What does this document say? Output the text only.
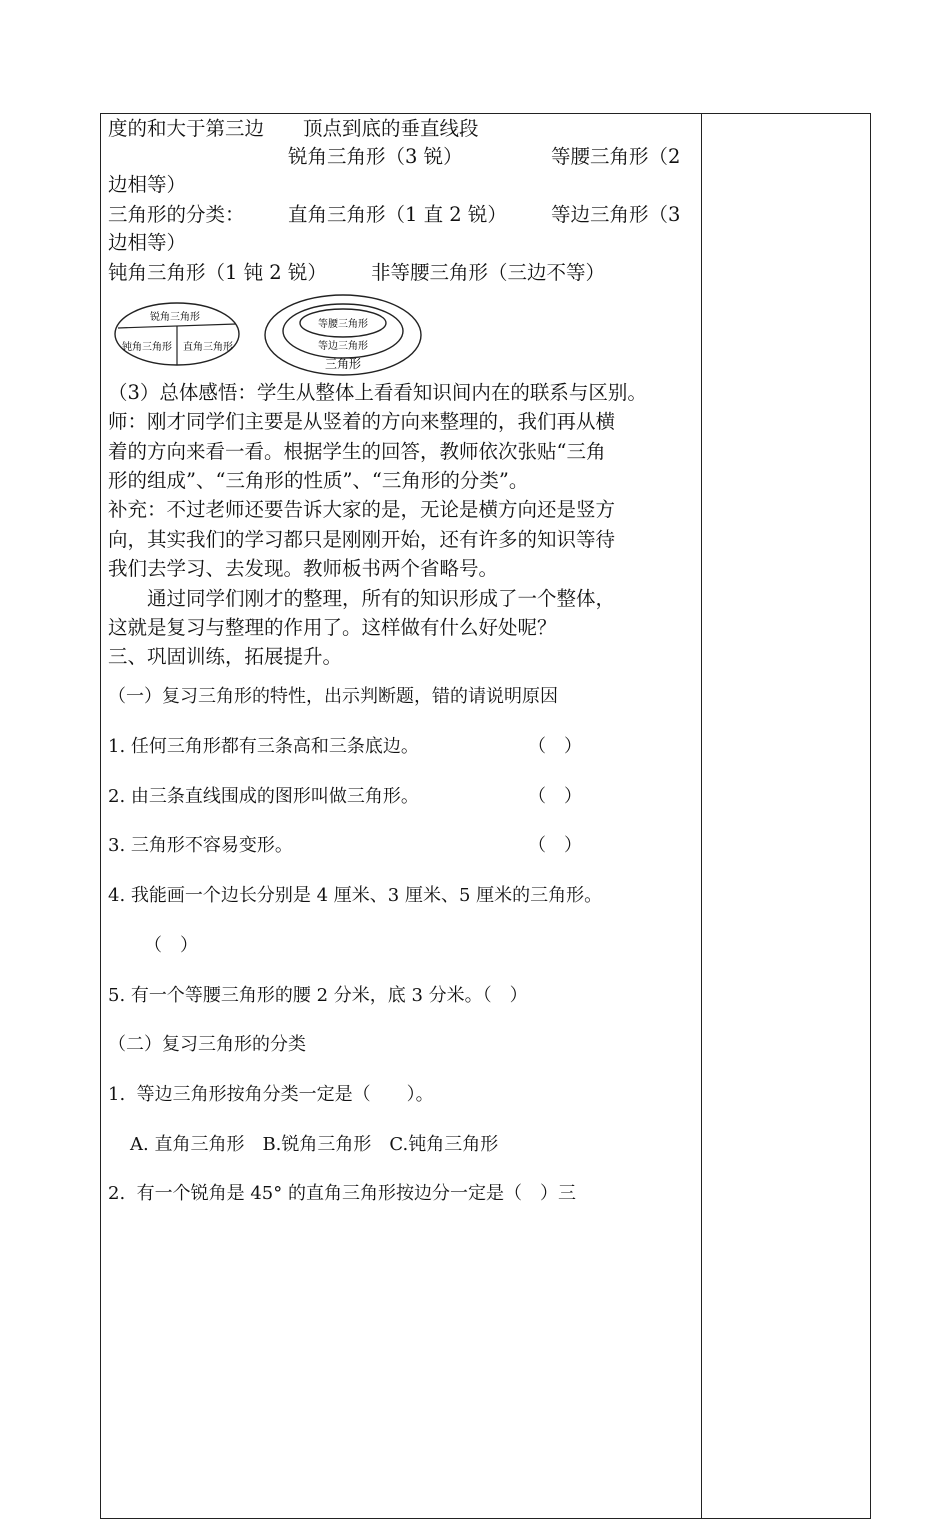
度的和大于第三边　　顶点到底的垂直线段
锐角三角形（3 锐）	等腰三角形（2
边相等）
三角形的分类： 直角三角形（1 直 2 锐） 等边三角形（3
边相等）
钝角三角形（1 钝 2 锐） 非等腰三角形（三边不等）
锐角三角形
钝角三角形 直角三角形
等腰三角形
等边三角形
三角形
（3）总体感悟：学生从整体上看看知识间内在的联系与区别。
师：刚才同学们主要是从竖着的方向来整理的，我们再从横
着的方向来看一看。根据学生的回答，教师依次张贴“三角
形的组成”、“三角形的性质”、“三角形的分类”。
补充：不过老师还要告诉大家的是，无论是横方向还是竖方
向，其实我们的学习都只是刚刚开始，还有许多的知识等待
我们去学习、去发现。教师板书两个省略号。
　　通过同学们刚才的整理，所有的知识形成了一个整体，
这就是复习与整理的作用了。这样做有什么好处呢？
三、巩固训练，拓展提升。
（一）复习三角形的特性，出示判断题，错的请说明原因
1. 任何三角形都有三条高和三条底边。	（　）
2. 由三条直线围成的图形叫做三角形。	（　）
3. 三角形不容易变形。	（　）
4. 我能画一个边长分别是 4 厘米、3 厘米、5 厘米的三角形。
（　）
5. 有一个等腰三角形的腰 2 分米，底 3 分米。（　）
（二）复习三角形的分类
1.  等边三角形按角分类一定是（　　）。
A. 直角三角形　B.锐角三角形　C.钝角三角形
2.  有一个锐角是 45° 的直角三角形按边分一定是（　）三
